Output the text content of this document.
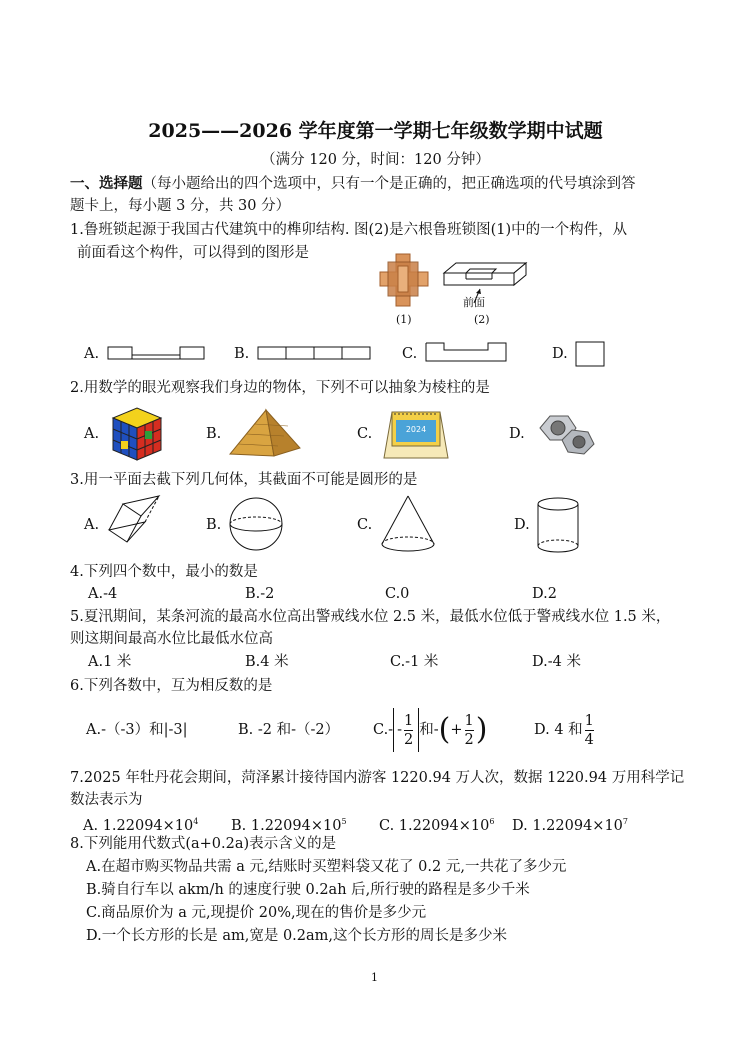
2025——2026 学年度第一学期七年级数学期中试题
（满分 120 分，时间：120 分钟）
一、选择题（每小题给出的四个选项中，只有一个是正确的，把正确选项的代号填涂到答
题卡上，每小题 3 分，共 30 分）
1.鲁班锁起源于我国古代建筑中的榫卯结构. 图(2)是六根鲁班锁图(1)中的一个构件，从
前面看这个构件，可以得到的图形是
(1)
前面
(2)
A.	B.	C.	D.
2.用数学的眼光观察我们身边的物体，下列不可以抽象为棱柱的是
A.	B.	C.	2024	D.
3.用一平面去截下列几何体，其截面不可能是圆形的是
A.	B.	C.	D.
4.下列四个数中，最小的数是
A.-4	B.-2	C.0	D.2
5.夏汛期间，某条河流的最高水位高出警戒线水位 2.5 米，最低水位低于警戒线水位 1.5 米，
则这期间最高水位比最低水位高
A.1 米	B.4 米	C.-1 米	D.-4 米
6.下列各数中，互为相反数的是
A.-（-3）和|-3|	B. -2 和-（-2） $C.- - \frac{1}{2}$ 和-(+ $\frac{1}{2}$ )	D. 4 和 $\frac{1}{4}$
7.2025 年牡丹花会期间，菏泽累计接待国内游客 1220.94 万人次，数据 1220.94 万用科学记
数法表示为
A. $1.22094\times 10^4$ B. $1.22094\times 10^5$ C. $1.22094\times 10^6$ D. $1.22094\times 10^7$
8.下列能用代数式(a+0.2a)表示含义的是
A.在超市购买物品共需 a 元,结账时买塑料袋又花了 0.2 元,一共花了多少元
B.骑自行车以 akm/h 的速度行驶 0.2ah 后,所行驶的路程是多少千米
C.商品原价为 a 元,现提价 20%,现在的售价是多少元
D.一个长方形的长是 am,宽是 0.2am,这个长方形的周长是多少米
1
